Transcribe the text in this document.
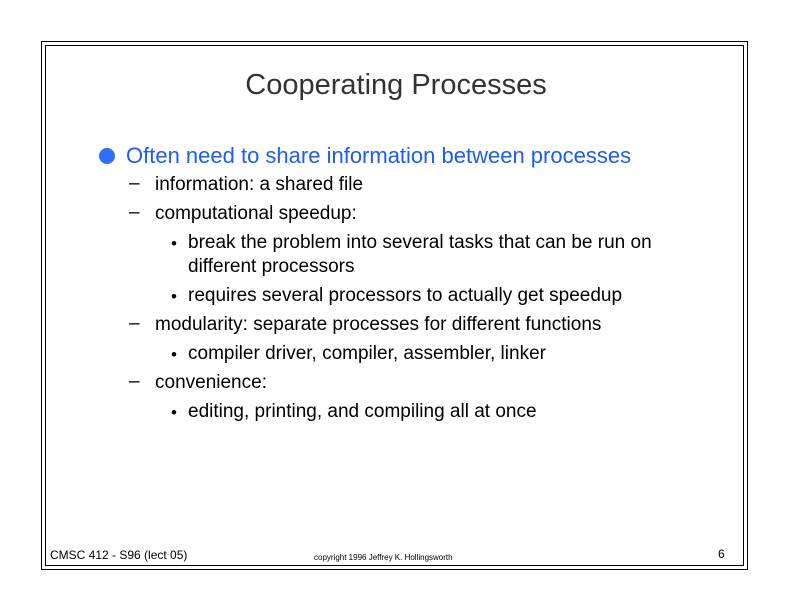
Cooperating Processes
Often need to share information between processes
– information: a shared file
– computational speedup:
• break the problem into several tasks that can be run on
different processors
• requires several processors to actually get speedup
– modularity: separate processes for different functions
• compiler driver, compiler, assembler, linker
– convenience:
• editing, printing, and compiling all at once
CMSC 412 - S96 (lect 05)	copyright 1996 Jeffrey K. Hollingsworth	6
